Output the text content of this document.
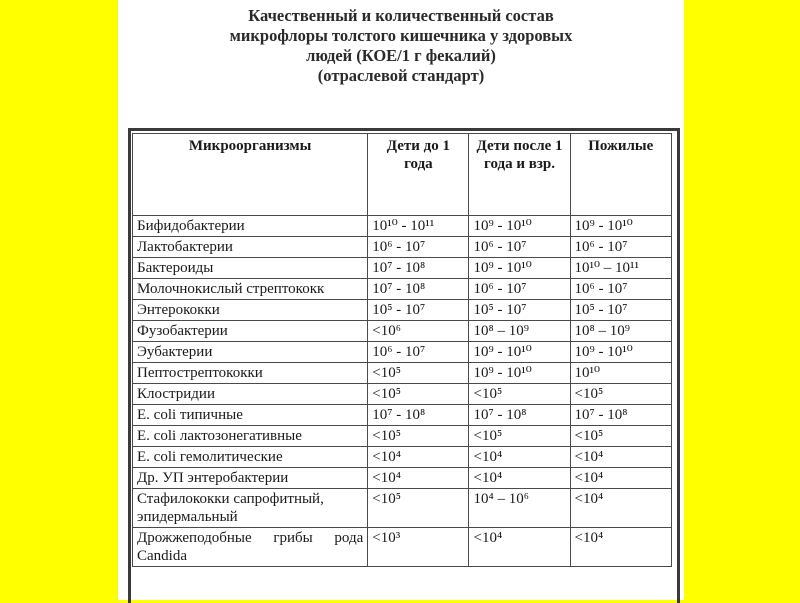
Качественный и количественный состав
микрофлоры толстого кишечника у здоровых
людей (КОЕ/1 г фекалий)
(отраслевой стандарт)
Микроорганизмы	Дети до 1 года	Дети после 1 года и взр.	Пожилые
Бифидобактерии	10¹⁰ - 10¹¹	10⁹ - 10¹⁰	10⁹ - 10¹⁰
Лактобактерии	10⁶ - 10⁷	10⁶ - 10⁷	10⁶ - 10⁷
Бактероиды	10⁷ - 10⁸	10⁹ - 10¹⁰	10¹⁰ – 10¹¹
Молочнокислый стрептококк	10⁷ - 10⁸	10⁶ - 10⁷	10⁶ - 10⁷
Энтерококки	10⁵ - 10⁷	10⁵ - 10⁷	10⁵ - 10⁷
Фузобактерии	<10⁶	10⁸ – 10⁹	10⁸ – 10⁹
Эубактерии	10⁶ - 10⁷	10⁹ - 10¹⁰	10⁹ - 10¹⁰
Пептострептококки	<10⁵	10⁹ - 10¹⁰	10¹⁰
Клостридии	<10⁵	<10⁵	<10⁵
E. coli типичные	10⁷ - 10⁸	10⁷ - 10⁸	10⁷ - 10⁸
E. coli лактозонегативные	<10⁵	<10⁵	<10⁵
E. coli гемолитические	<10⁴	<10⁴	<10⁴
Др. УП энтеробактерии	<10⁴	<10⁴	<10⁴
Стафилококки сапрофитный, эпидермальный	<10⁵	10⁴ – 10⁶	<10⁴
Дрожжеподобные грибы рода Candida	<10³	<10⁴	<10⁴
